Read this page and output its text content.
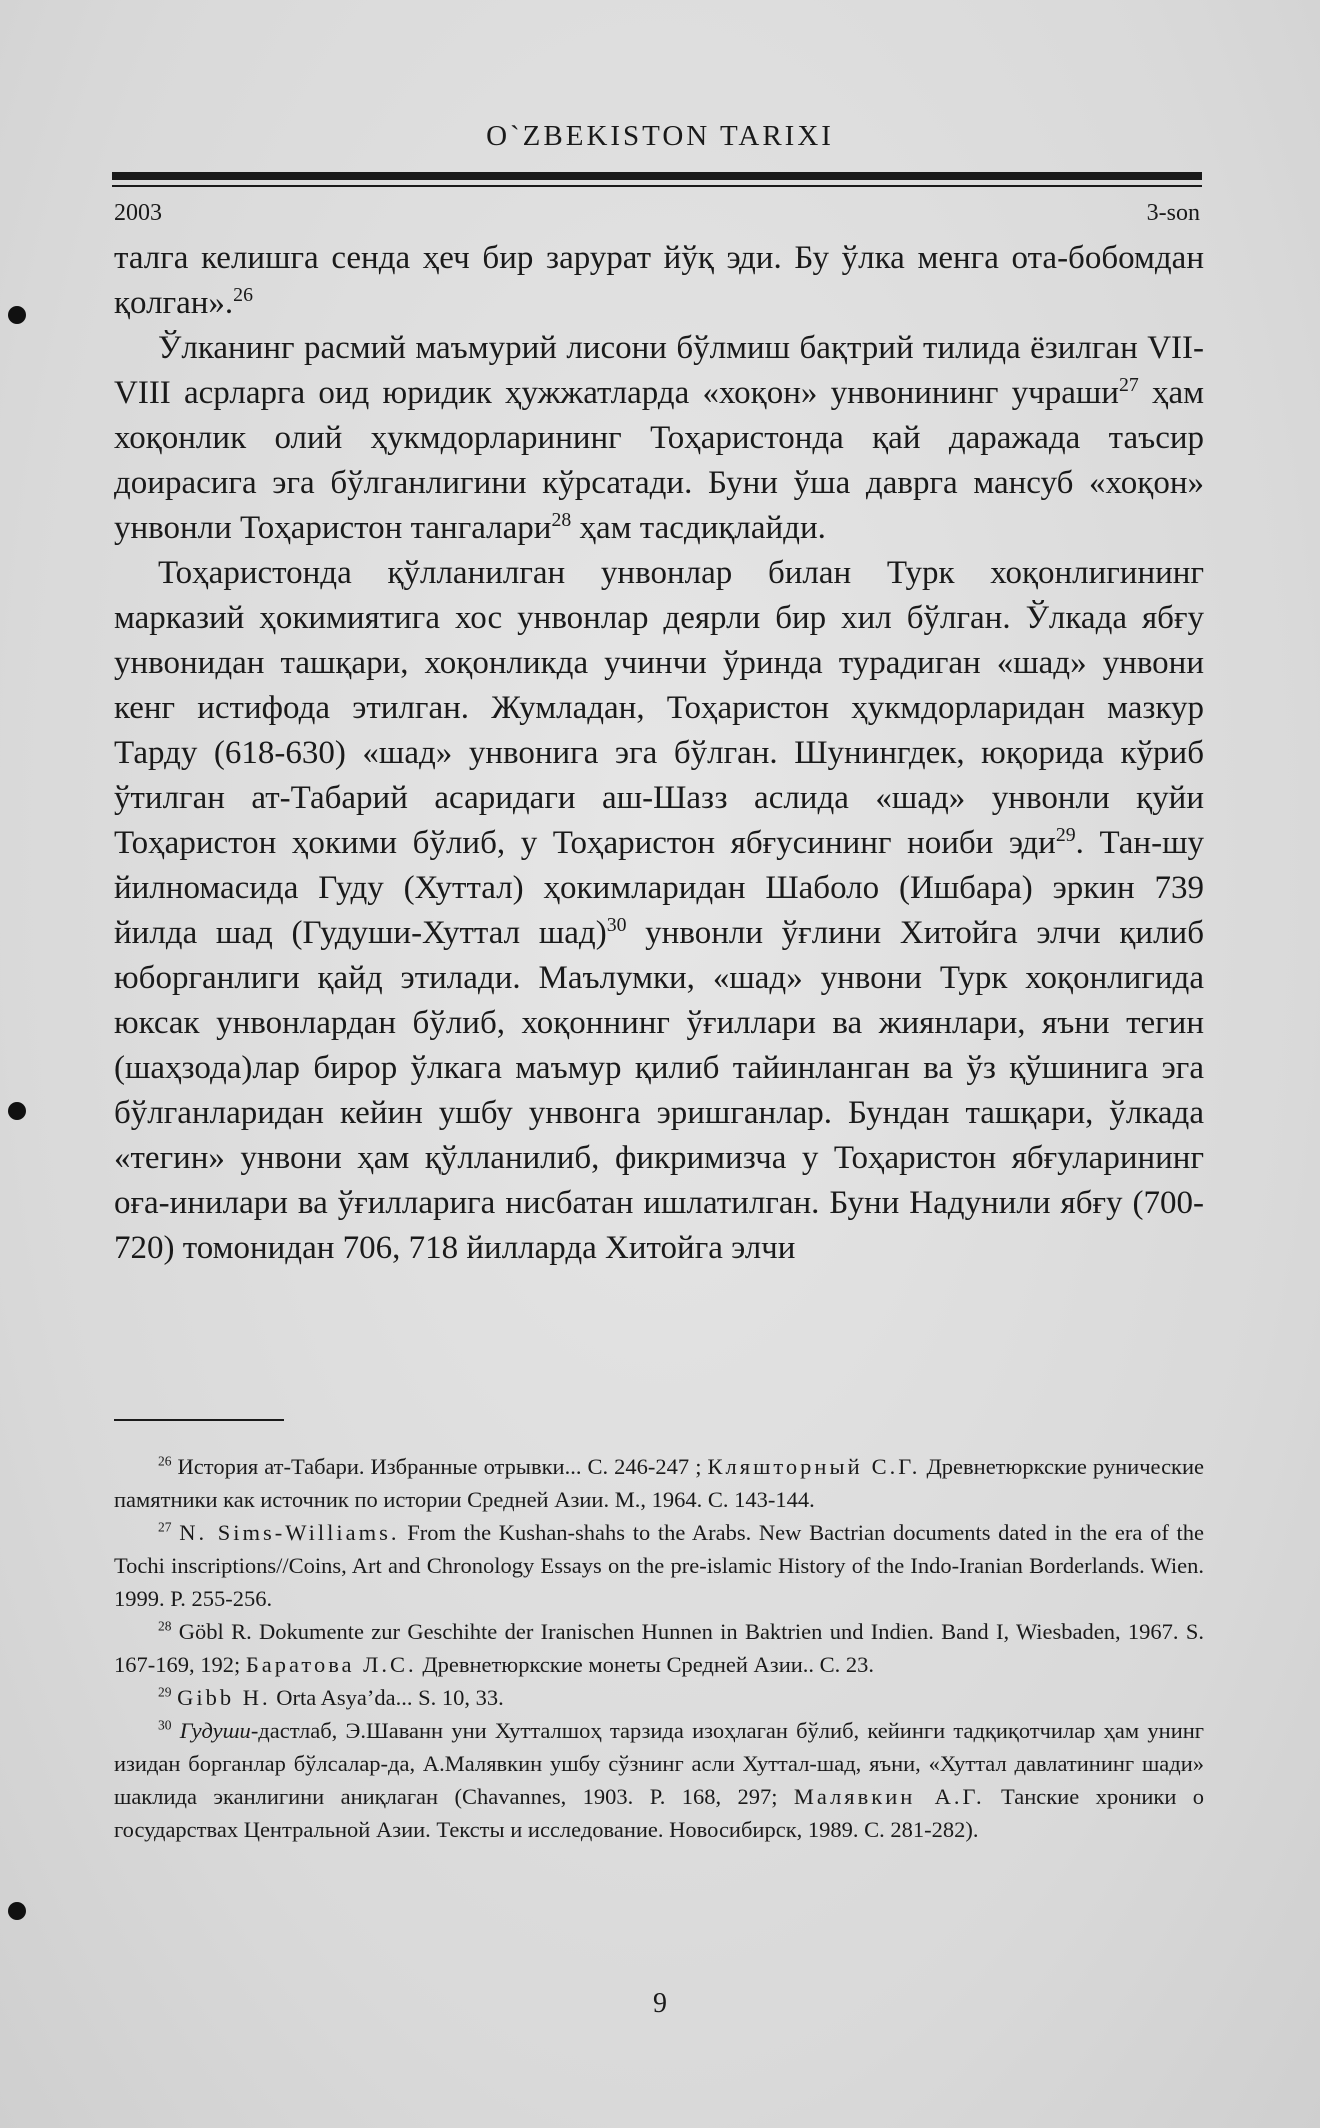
O`ZBEKISTON TARIXI
2003	3-son

талга келишга сенда ҳеч бир зарурат йўқ эди. Бу ўлка менга ота-бобомдан қолган».$^{26}$

Ўлканинг расмий маъмурий лисони бўлмиш бақтрий тилида ёзилган VII-VIII асрларга оид юридик ҳужжатларда «хоқон» унвонининг учраши$^{27}$ ҳам хоқонлик олий ҳукмдорларининг Тоҳаристонда қай даражада таъсир доирасига эга бўлганлигини кўрсатади. Буни ўша даврга мансуб «хоқон» унвонли Тоҳаристон тангалари$^{28}$ ҳам тасдиқлайди.

Тоҳаристонда қўлланилган унвонлар билан Турк хоқонлигининг марказий ҳокимиятига хос унвонлар деярли бир хил бўлган. Ўлкада ябғу унвонидан ташқари, хоқонликда учинчи ўринда турадиган «шад» унвони кенг истифода этилган. Жумладан, Тоҳаристон ҳукмдорларидан мазкур Тарду (618-630) «шад» унвонига эга бўлган. Шунингдек, юқорида кўриб ўтилган ат-Табарий асаридаги аш-Шазз аслида «шад» унвонли қуйи Тоҳаристон ҳокими бўлиб, у Тоҳаристон ябғусининг ноиби эди$^{29}$. Тан-шу йилномасида Гуду (Хуттал) ҳокимларидан Шаболо (Ишбара) эркин 739 йилда шад (Гудуши-Хуттал шад)$^{30}$ унвонли ўғлини Хитойга элчи қилиб юборганлиги қайд этилади. Маълумки, «шад» унвони Турк хоқонлигида юксак унвонлардан бўлиб, хоқоннинг ўғиллари ва жиянлари, яъни тегин (шаҳзода)лар бирор ўлкага маъмур қилиб тайинланган ва ўз қўшинига эга бўлганларидан кейин ушбу унвонга эришганлар. Бундан ташқари, ўлкада «тегин» унвони ҳам қўлланилиб, фикримизча у Тоҳаристон ябғуларининг оға-инилари ва ўғилларига нисбатан ишлатилган. Буни Надунили ябғу (700-720) томонидан 706, 718 йилларда Хитойга элчи

$^{26}$ История ат-Табари. Избранные отрывки... С. 246-247 ; Кляшторный С.Г. Древнетюркские рунические памятники как источник по истории Средней Азии. М., 1964. С. 143-144.

$^{27}$ N. Sims-Williams. From the Kushan-shahs to the Arabs. New Bactrian documents dated in the era of the Tochi inscriptions//Coins, Art and Chronology Essays on the pre-islamic History of the Indo-Iranian Borderlands. Wien. 1999. P. 255-256.

$^{28}$ Göbl R. Dokumente zur Geschihte der Iranischen Hunnen in Baktrien und Indien. Band I, Wiesbaden, 1967. S. 167-169, 192; Баратова Л.С. Древнетюркские монеты Средней Азии.. С. 23.

$^{29}$ Gibb H. Orta Asya’da... S. 10, 33.

$^{30}$ Гудуши-дастлаб, Э.Шаванн уни Хутталшоҳ тарзида изоҳлаган бўлиб, кейинги тадқиқотчилар ҳам унинг изидан борганлар бўлсалар-да, А.Малявкин ушбу сўзнинг асли Хуттал-шад, яъни, «Хуттал давлатининг шади» шаклида эканлигини аниқлаган (Chavannes, 1903. P. 168, 297; Малявкин А.Г. Танские хроники о государствах Центральной Азии. Тексты и исследование. Новосибирск, 1989. С. 281-282).

9
